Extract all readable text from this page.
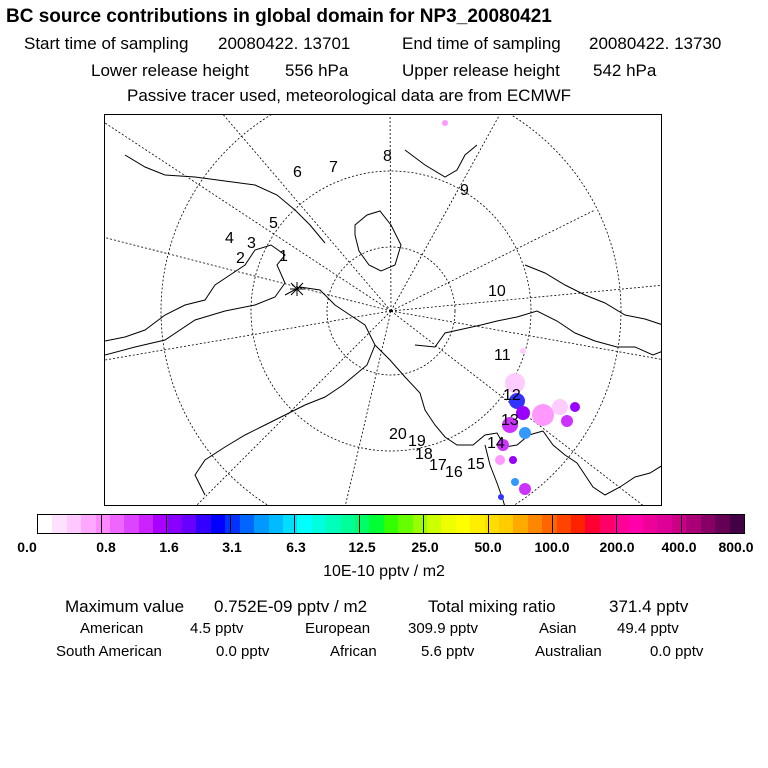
BC source contributions in global domain for NP3_20080421
Start time of sampling 20080422. 13701	End time of sampling 20080422. 13730
Lower release height 556 hPa	Upper release height 542 hPa
Passive tracer used, meteorological data are from ECMWF
1
2
3
4
5
6 7
8
9
10
11
12
13
14
15
16
17
18
19
20
0.0	0.8	1.6	3.1	6.3	12.5	25.0	50.0 100.0 200.0 400.0 800.0
10E-10 pptv / m2
Maximum value 0.752E-09 pptv / m2	Total mixing ratio	371.4 pptv
American	4.5 pptv	European	309.9 pptv	Asian	49.4 pptv
South American	0.0 pptv	African	5.6 pptv	Australian	0.0 pptv
